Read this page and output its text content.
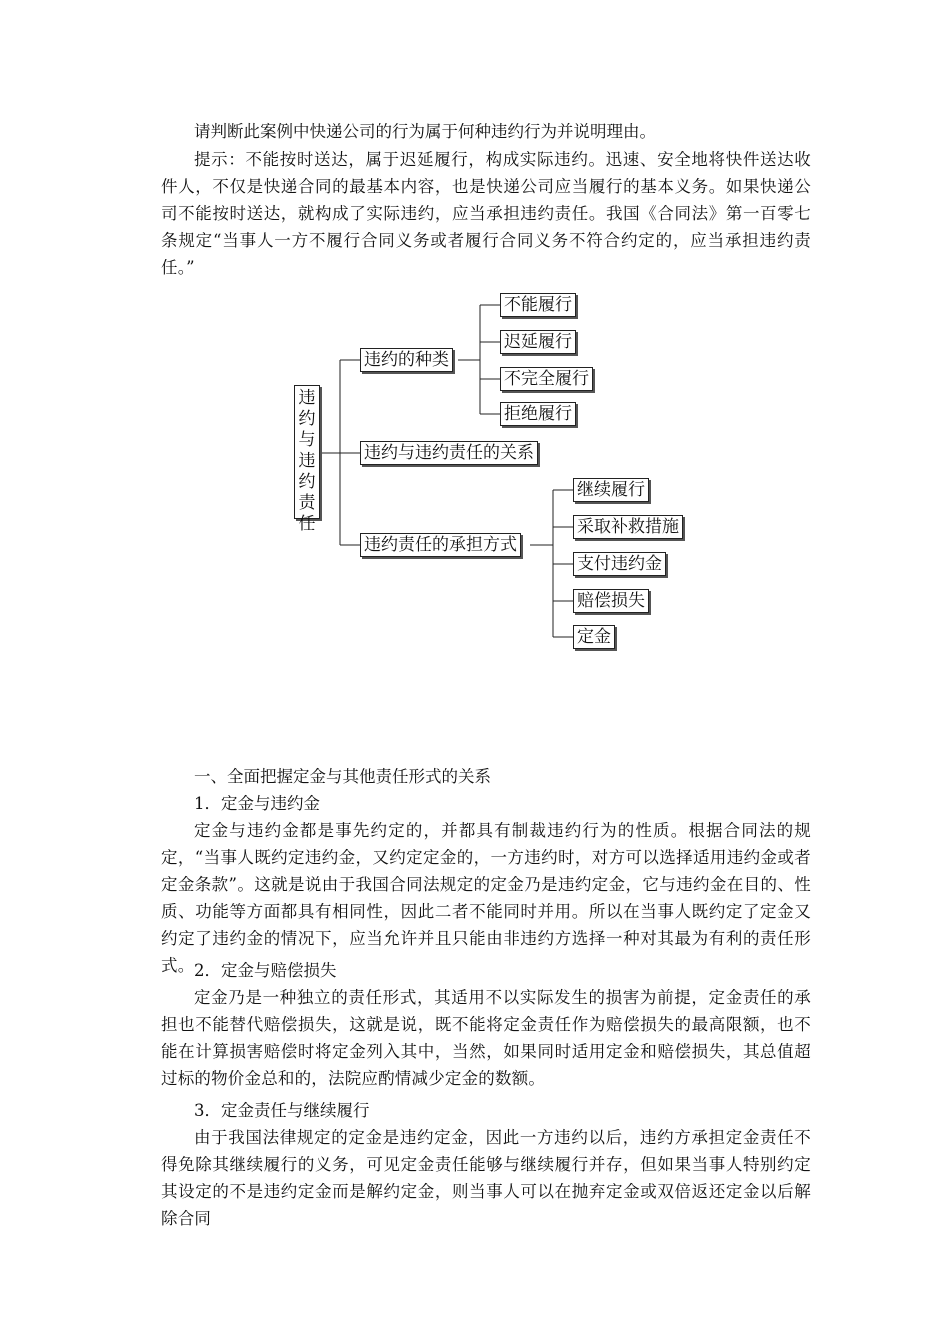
请判断此案例中快递公司的行为属于何种违约行为并说明理由。

提示：不能按时送达，属于迟延履行，构成实际违约。迅速、安全地将快件送达收件人，不仅是快递合同的最基本内容，也是快递公司应当履行的基本义务。如果快递公司不能按时送达，就构成了实际违约，应当承担违约责任。我国《合同法》第一百零七条规定“当事人一方不履行合同义务或者履行合同义务不符合约定的，应当承担违约责任。”

违
约
与
违
约
责
任
违约的种类
违约与违约责任的关系
违约责任的承担方式
不能履行
迟延履行
不完全履行
拒绝履行
继续履行
采取补救措施
支付违约金
赔偿损失
定金

一、全面把握定金与其他责任形式的关系

1．定金与违约金

定金与违约金都是事先约定的，并都具有制裁违约行为的性质。根据合同法的规定，“当事人既约定违约金，又约定定金的，一方违约时，对方可以选择适用违约金或者定金条款”。这就是说由于我国合同法规定的定金乃是违约定金，它与违约金在目的、性质、功能等方面都具有相同性，因此二者不能同时并用。所以在当事人既约定了定金又约定了违约金的情况下，应当允许并且只能由非违约方选择一种对其最为有利的责任形式。 2．定金与赔偿损失

定金乃是一种独立的责任形式，其适用不以实际发生的损害为前提，定金责任的承担也不能替代赔偿损失，这就是说，既不能将定金责任作为赔偿损失的最高限额，也不能在计算损害赔偿时将定金列入其中，当然，如果同时适用定金和赔偿损失，其总值超过标的物价金总和的，法院应酌情减少定金的数额。

3．定金责任与继续履行

由于我国法律规定的定金是违约定金，因此一方违约以后，违约方承担定金责任不得免除其继续履行的义务，可见定金责任能够与继续履行并存，但如果当事人特别约定其设定的不是违约定金而是解约定金，则当事人可以在抛弃定金或双倍返还定金以后解除合同
